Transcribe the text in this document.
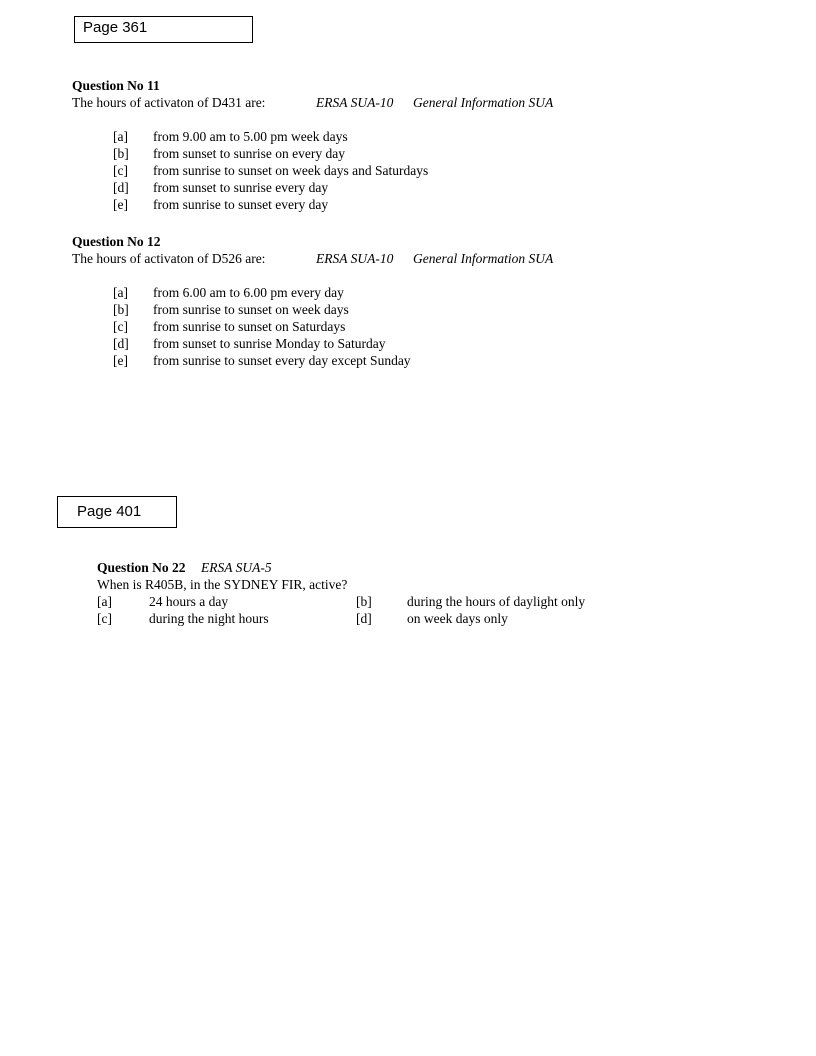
Page 361
Page 401
Question No 11
The hours of activaton of D431 are:	ERSA SUA-10 General Information SUA
[a] from 9.00 am to 5.00 pm week days
[b] from sunset to sunrise on every day
[c] from sunrise to sunset on week days and Saturdays
[d] from sunset to sunrise every day
[e] from sunrise to sunset every day
Question No 12
The hours of activaton of D526 are:	ERSA SUA-10 General Information SUA
[a] from 6.00 am to 6.00 pm every day
[b] from sunrise to sunset on week days
[c] from sunrise to sunset on Saturdays
[d] from sunset to sunrise Monday to Saturday
[e] from sunrise to sunset every day except Sunday
Question No 22 ERSA SUA-5
When is R405B, in the SYDNEY FIR, active?
[a]	24 hours a day	[b]	during the hours of daylight only
[c]	during the night hours	[d]	on week days only
